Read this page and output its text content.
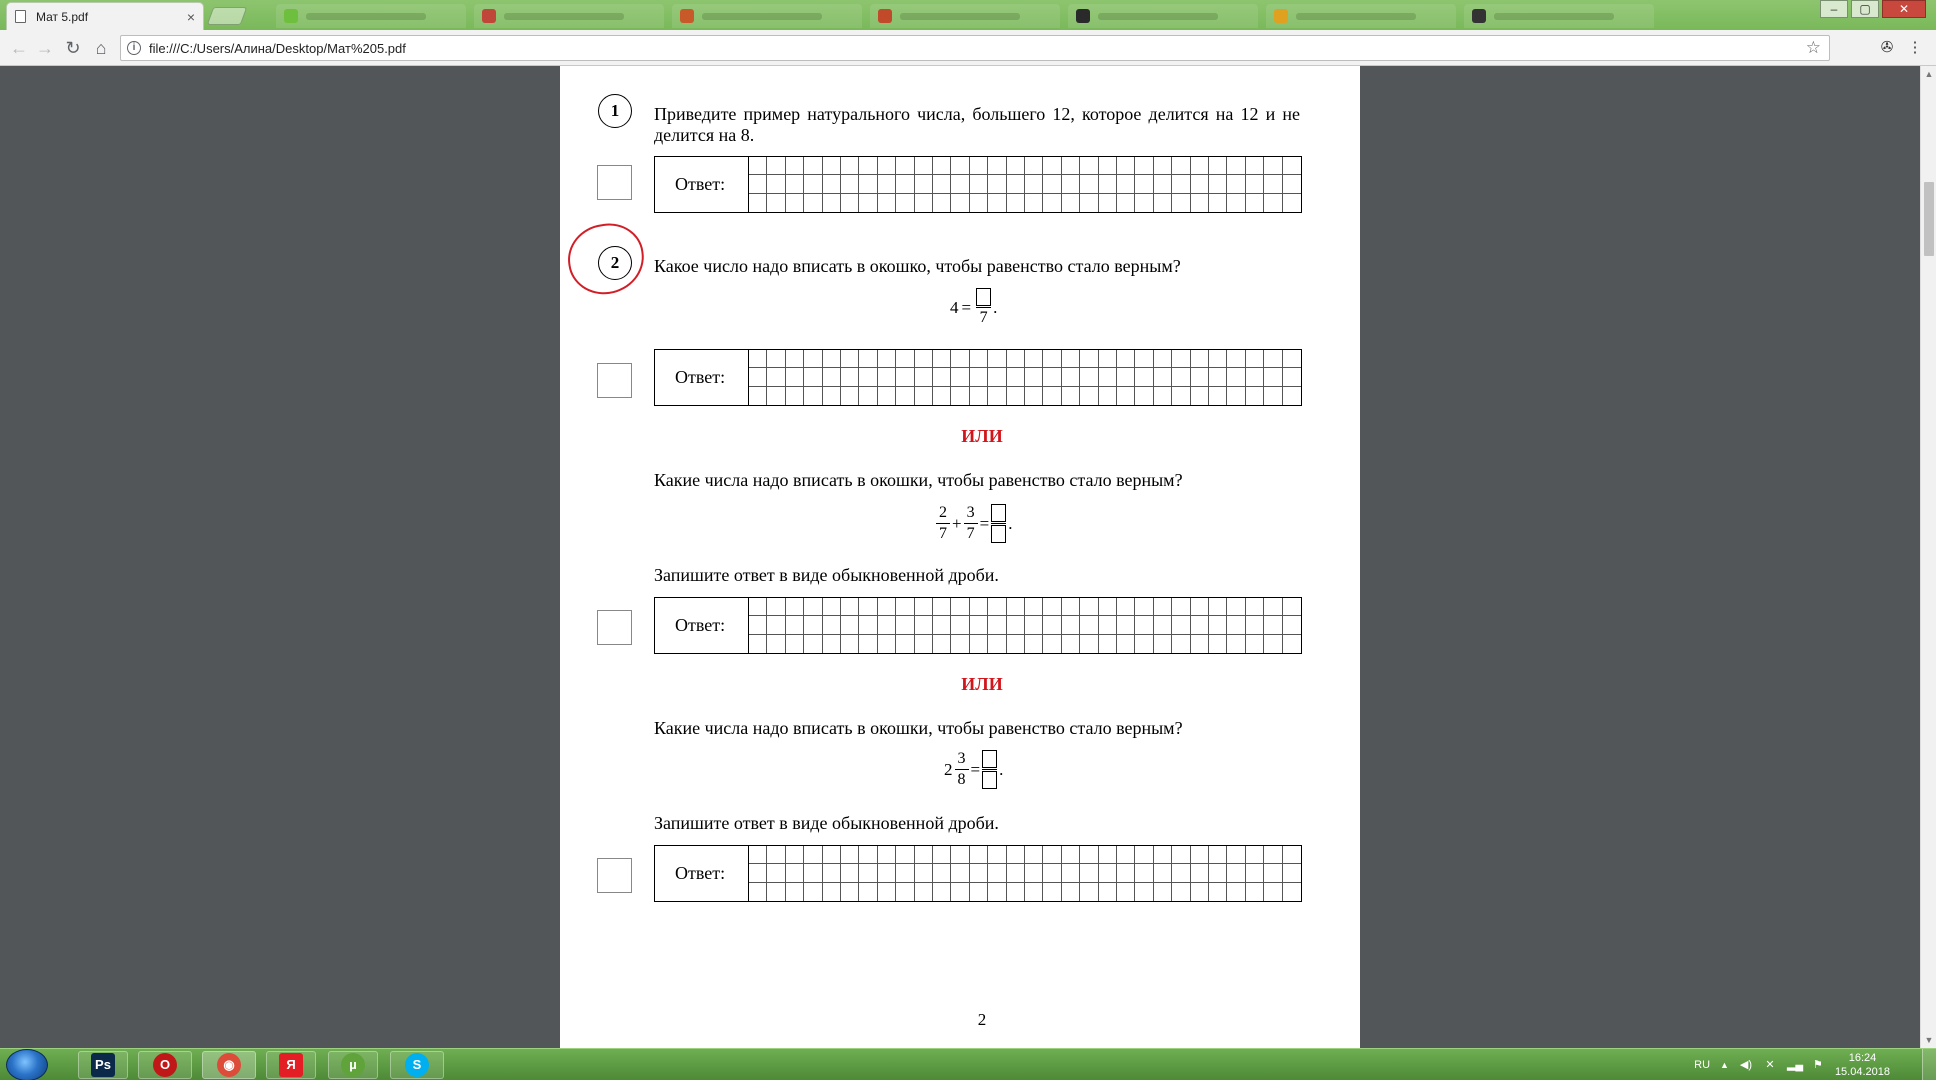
Мат 5.pdf	×	–	▢	✕
← → ↻ ⌂	i	file:///C:/Users/Алина/Desktop/Мат%205.pdf	☆	✇ ⋮
1	Приведите пример натурального числа, большего 12, которое делится на 12 и не делится на 8.
Ответ:
2	Какое число надо вписать в окошко, чтобы равенство стало верным?
4 =
7
.
Ответ:
ИЛИ
Какие числа надо вписать в окошки, чтобы равенство стало верным?
$\frac{2}{7} + \frac{3}{7}$ = .
Запишите ответ в виде обыкновенной дроби.
Ответ:
ИЛИ
Какие числа надо вписать в окошки, чтобы равенство стало верным?
$2 \frac{3}{8}$ = .
Запишите ответ в виде обыкновенной дроби.
Ответ:
2
▲
▼
Ps	O	◉	Я	µ	S	RU ▲ ◀) ✕ ▂▄ ⚑
16:24
15.04.2018
